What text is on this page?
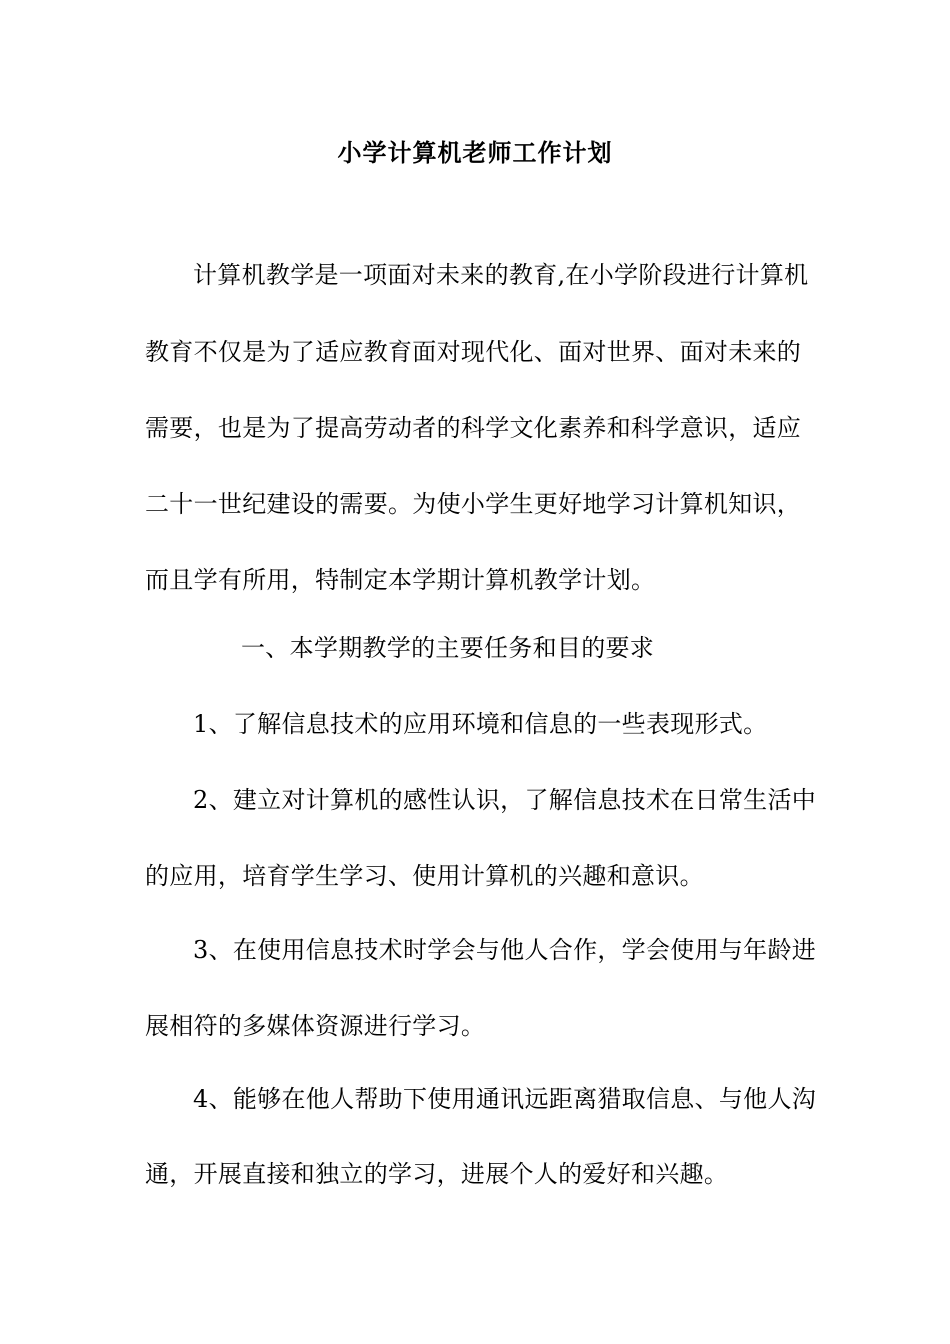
小学计算机老师工作计划
计算机教学是一项面对未来的教育,在小学阶段进行计算机
教育不仅是为了适应教育面对现代化、面对世界、面对未来的
需要，也是为了提高劳动者的科学文化素养和科学意识，适应
二十一世纪建设的需要。为使小学生更好地学习计算机知识，
而且学有所用，特制定本学期计算机教学计划。
一、本学期教学的主要任务和目的要求
1、了解信息技术的应用环境和信息的一些表现形式。
2、建立对计算机的感性认识，了解信息技术在日常生活中
的应用，培育学生学习、使用计算机的兴趣和意识。
3、在使用信息技术时学会与他人合作，学会使用与年龄进
展相符的多媒体资源进行学习。
4、能够在他人帮助下使用通讯远距离猎取信息、与他人沟
通，开展直接和独立的学习，进展个人的爱好和兴趣。
